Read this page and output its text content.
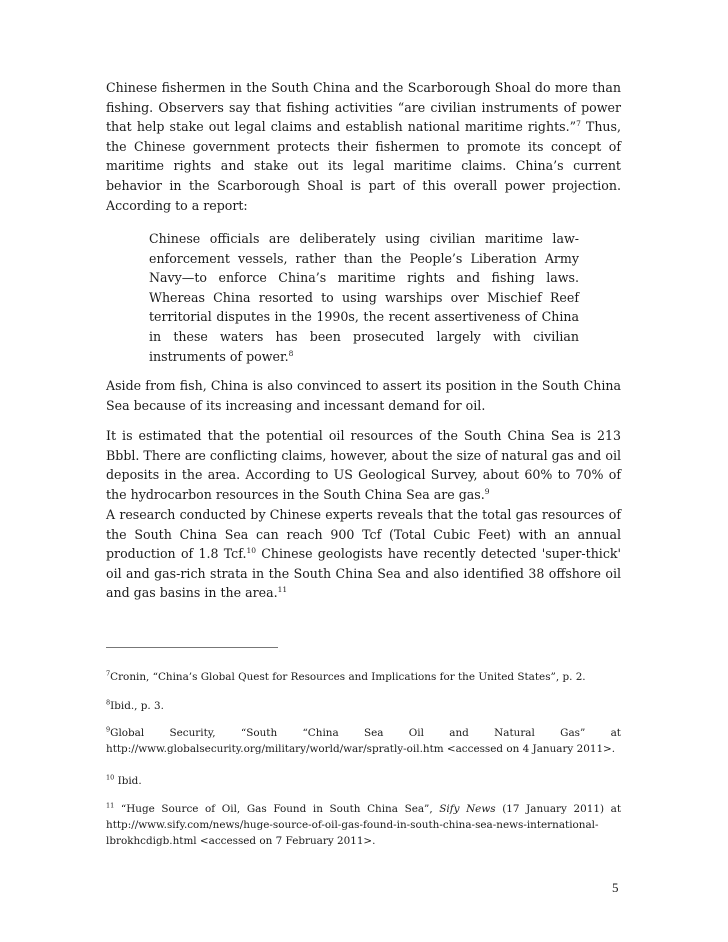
Chinese fishermen in the South China and the Scarborough Shoal do more than fishing. Observers say that fishing activities “are civilian instruments of power that help stake out legal claims and establish national maritime rights.”$^7$ Thus, the Chinese government protects their fishermen to promote its concept of maritime rights and stake out its legal maritime claims. China’s current behavior in the Scarborough Shoal is part of this overall power projection. According to a report:

Chinese officials are deliberately using civilian maritime law-enforcement vessels, rather than the People’s Liberation Army Navy—to enforce China’s maritime rights and fishing laws. Whereas China resorted to using warships over Mischief Reef territorial disputes in the 1990s, the recent assertiveness of China in these waters has been prosecuted largely with civilian instruments of power.$^8$

Aside from fish, China is also convinced to assert its position in the South China Sea because of its increasing and incessant demand for oil.

It is estimated that the potential oil resources of the South China Sea is 213 Bbbl. There are conflicting claims, however, about the size of natural gas and oil deposits in the area. According to US Geological Survey, about 60% to 70% of the hydrocarbon resources in the South China Sea are gas.$^9$

A research conducted by Chinese experts reveals that the total gas resources of the South China Sea can reach 900 Tcf (Total Cubic Feet) with an annual production of 1.8 Tcf.$^{10}$ Chinese geologists have recently detected 'super-thick' oil and gas-rich strata in the South China Sea and also identified 38 offshore oil and gas basins in the area.$^{11}$

$^7$Cronin, “China’s Global Quest for Resources and Implications for the United States”, p. 2.

$^8$Ibid., p. 3.

$^9$Global Security, “South “China Sea Oil and Natural Gas” at http://www.globalsecurity.org/military/world/war/spratly-oil.htm <accessed on 4 January 2011>.

$^{10}$ Ibid.

$^{11}$ “Huge Source of Oil, Gas Found in South China Sea”, Sify News (17 January 2011) at http://www.sify.com/news/huge-source-of-oil-gas-found-in-south-china-sea-news-international-lbrokhcdigb.html <accessed on 7 February 2011>.

5
